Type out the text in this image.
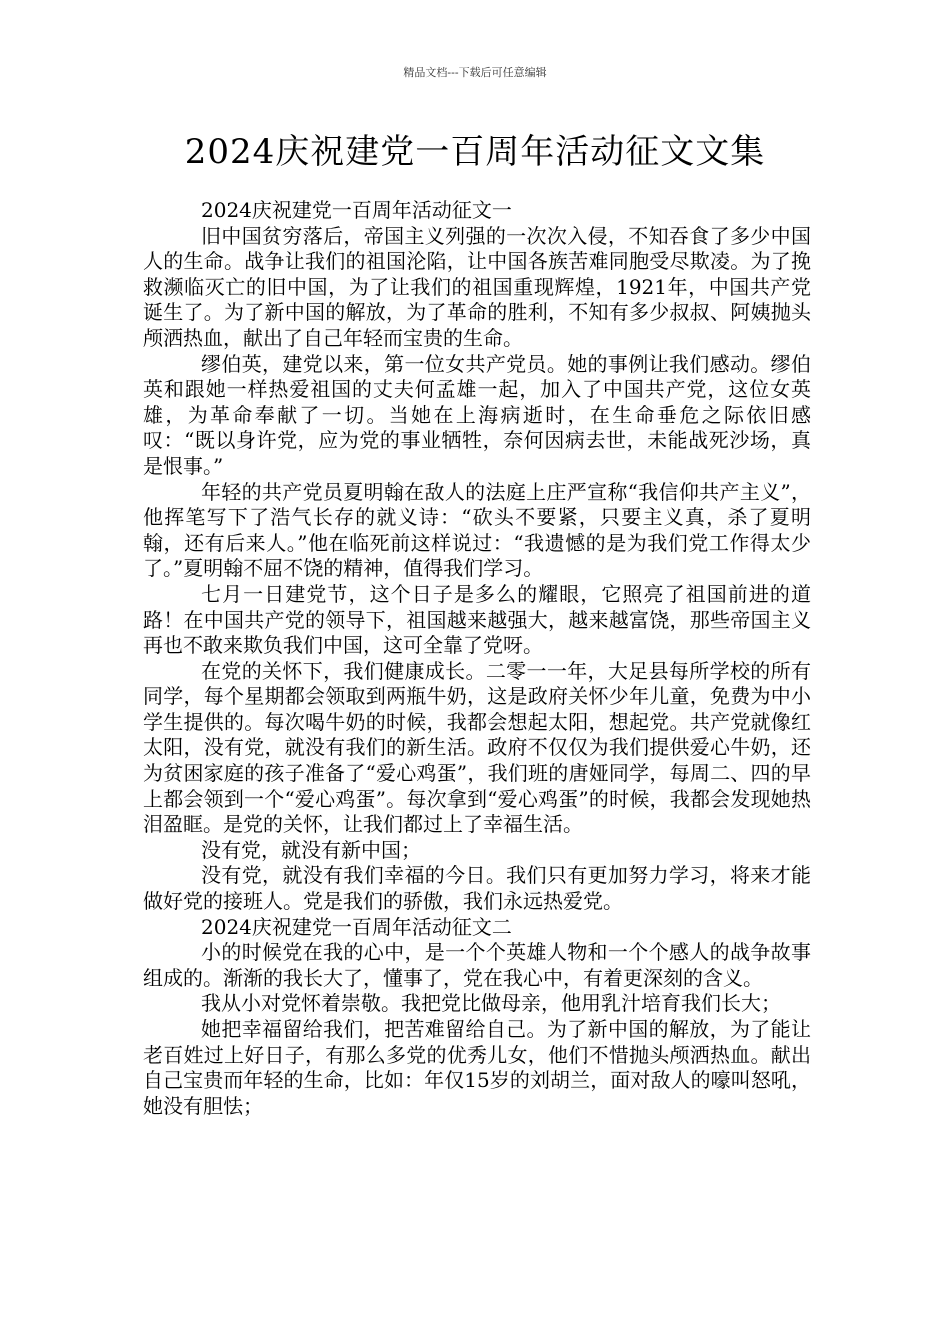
精品文档---下载后可任意编辑
2024庆祝建党一百周年活动征文文集

2024庆祝建党一百周年活动征文一

旧中国贫穷落后，帝国主义列强的一次次入侵，不知吞食了多少中国人的生命。战争让我们的祖国沦陷，让中国各族苦难同胞受尽欺凌。为了挽救濒临灭亡的旧中国，为了让我们的祖国重现辉煌，1921年，中国共产党诞生了。为了新中国的解放，为了革命的胜利，不知有多少叔叔、阿姨抛头颅洒热血，献出了自己年轻而宝贵的生命。

缪伯英，建党以来，第一位女共产党员。她的事例让我们感动。缪伯英和跟她一样热爱祖国的丈夫何孟雄一起，加入了中国共产党，这位女英雄，为革命奉献了一切。当她在上海病逝时，在生命垂危之际依旧感叹：“既以身许党，应为党的事业牺牲，奈何因病去世，未能战死沙场，真是恨事。”

年轻的共产党员夏明翰在敌人的法庭上庄严宣称“我信仰共产主义”，他挥笔写下了浩气长存的就义诗：“砍头不要紧，只要主义真，杀了夏明翰，还有后来人。”他在临死前这样说过：“我遗憾的是为我们党工作得太少了。”夏明翰不屈不饶的精神，值得我们学习。

七月一日建党节，这个日子是多么的耀眼，它照亮了祖国前进的道路！在中国共产党的领导下，祖国越来越强大，越来越富饶，那些帝国主义再也不敢来欺负我们中国，这可全靠了党呀。

在党的关怀下，我们健康成长。二零一一年，大足县每所学校的所有同学，每个星期都会领取到两瓶牛奶，这是政府关怀少年儿童，免费为中小学生提供的。每次喝牛奶的时候，我都会想起太阳，想起党。共产党就像红太阳，没有党，就没有我们的新生活。政府不仅仅为我们提供爱心牛奶，还为贫困家庭的孩子准备了“爱心鸡蛋”，我们班的唐娅同学，每周二、四的早上都会领到一个“爱心鸡蛋”。每次拿到“爱心鸡蛋”的时候，我都会发现她热泪盈眶。是党的关怀，让我们都过上了幸福生活。

没有党，就没有新中国；

没有党，就没有我们幸福的今日。我们只有更加努力学习，将来才能做好党的接班人。党是我们的骄傲，我们永远热爱党。

2024庆祝建党一百周年活动征文二

小的时候党在我的心中，是一个个英雄人物和一个个感人的战争故事组成的。渐渐的我长大了，懂事了，党在我心中，有着更深刻的含义。

我从小对党怀着崇敬。我把党比做母亲，他用乳汁培育我们长大；

她把幸福留给我们，把苦难留给自己。为了新中国的解放，为了能让老百姓过上好日子，有那么多党的优秀儿女，他们不惜抛头颅洒热血。献出自己宝贵而年轻的生命，比如：年仅15岁的刘胡兰，面对敌人的嚎叫怒吼，她没有胆怯；
